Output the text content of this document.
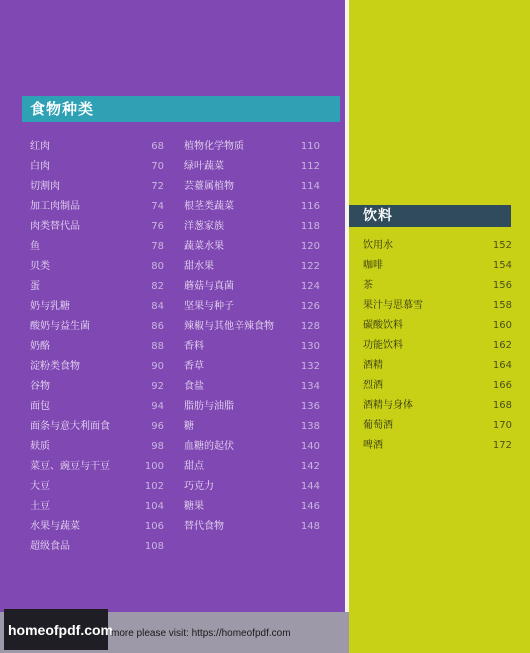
食物种类
红肉	68
白肉	70
切割肉	72
加工肉制品	74
肉类替代品	76
鱼	78
贝类	80
蛋	82
奶与乳糖	84
酸奶与益生菌	86
奶酪	88
淀粉类食物	90
谷物	92
面包	94
面条与意大利面食	96
麸质	98
菜豆、豌豆与干豆	100
大豆	102
土豆	104
水果与蔬菜	106
超级食品	108
植物化学物质	110
绿叶蔬菜	112
芸薹属植物	114
根茎类蔬菜	116
洋葱家族	118
蔬菜水果	120
甜水果	122
蘑菇与真菌	124
坚果与种子	126
辣椒与其他辛辣食物	128
香料	130
香草	132
食盐	134
脂肪与油脂	136
糖	138
血糖的起伏	140
甜点	142
巧克力	144
糖果	146
替代食物	148
饮料
饮用水	152
咖啡	154
茶	156
果汁与思慕雪	158
碳酸饮料	160
功能饮料	162
酒精	164
烈酒	166
酒精与身体	168
葡萄酒	170
啤酒	172
homeofpdf.com
more please visit: https://homeofpdf.com
